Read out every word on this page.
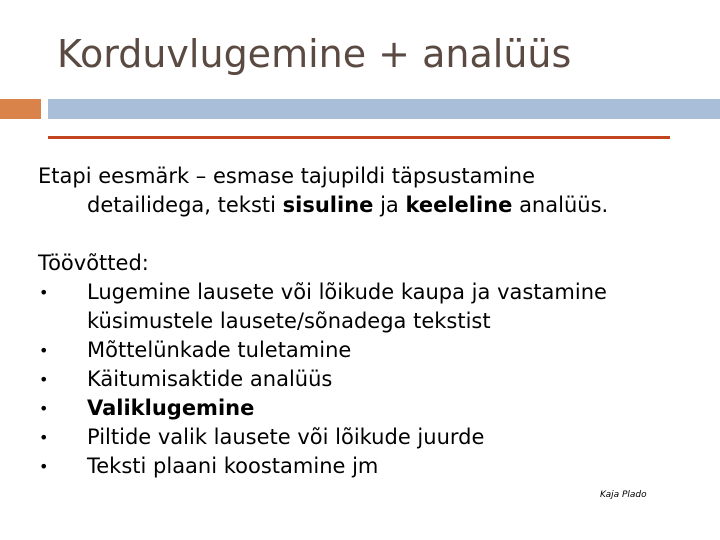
Korduvlugemine + analüüs
Etapi eesmärk – esmase tajupildi täpsustamine
detailidega, teksti sisuline ja keeleline analüüs.
Töövõtted:
•	Lugemine lausete või lõikude kaupa ja vastamine
küsimustele lausete/sõnadega tekstist
•	Mõttelünkade tuletamine
•	Käitumisaktide analüüs
•	Valiklugemine
•	Piltide valik lausete või lõikude juurde
•	Teksti plaani koostamine jm
Kaja Plado
